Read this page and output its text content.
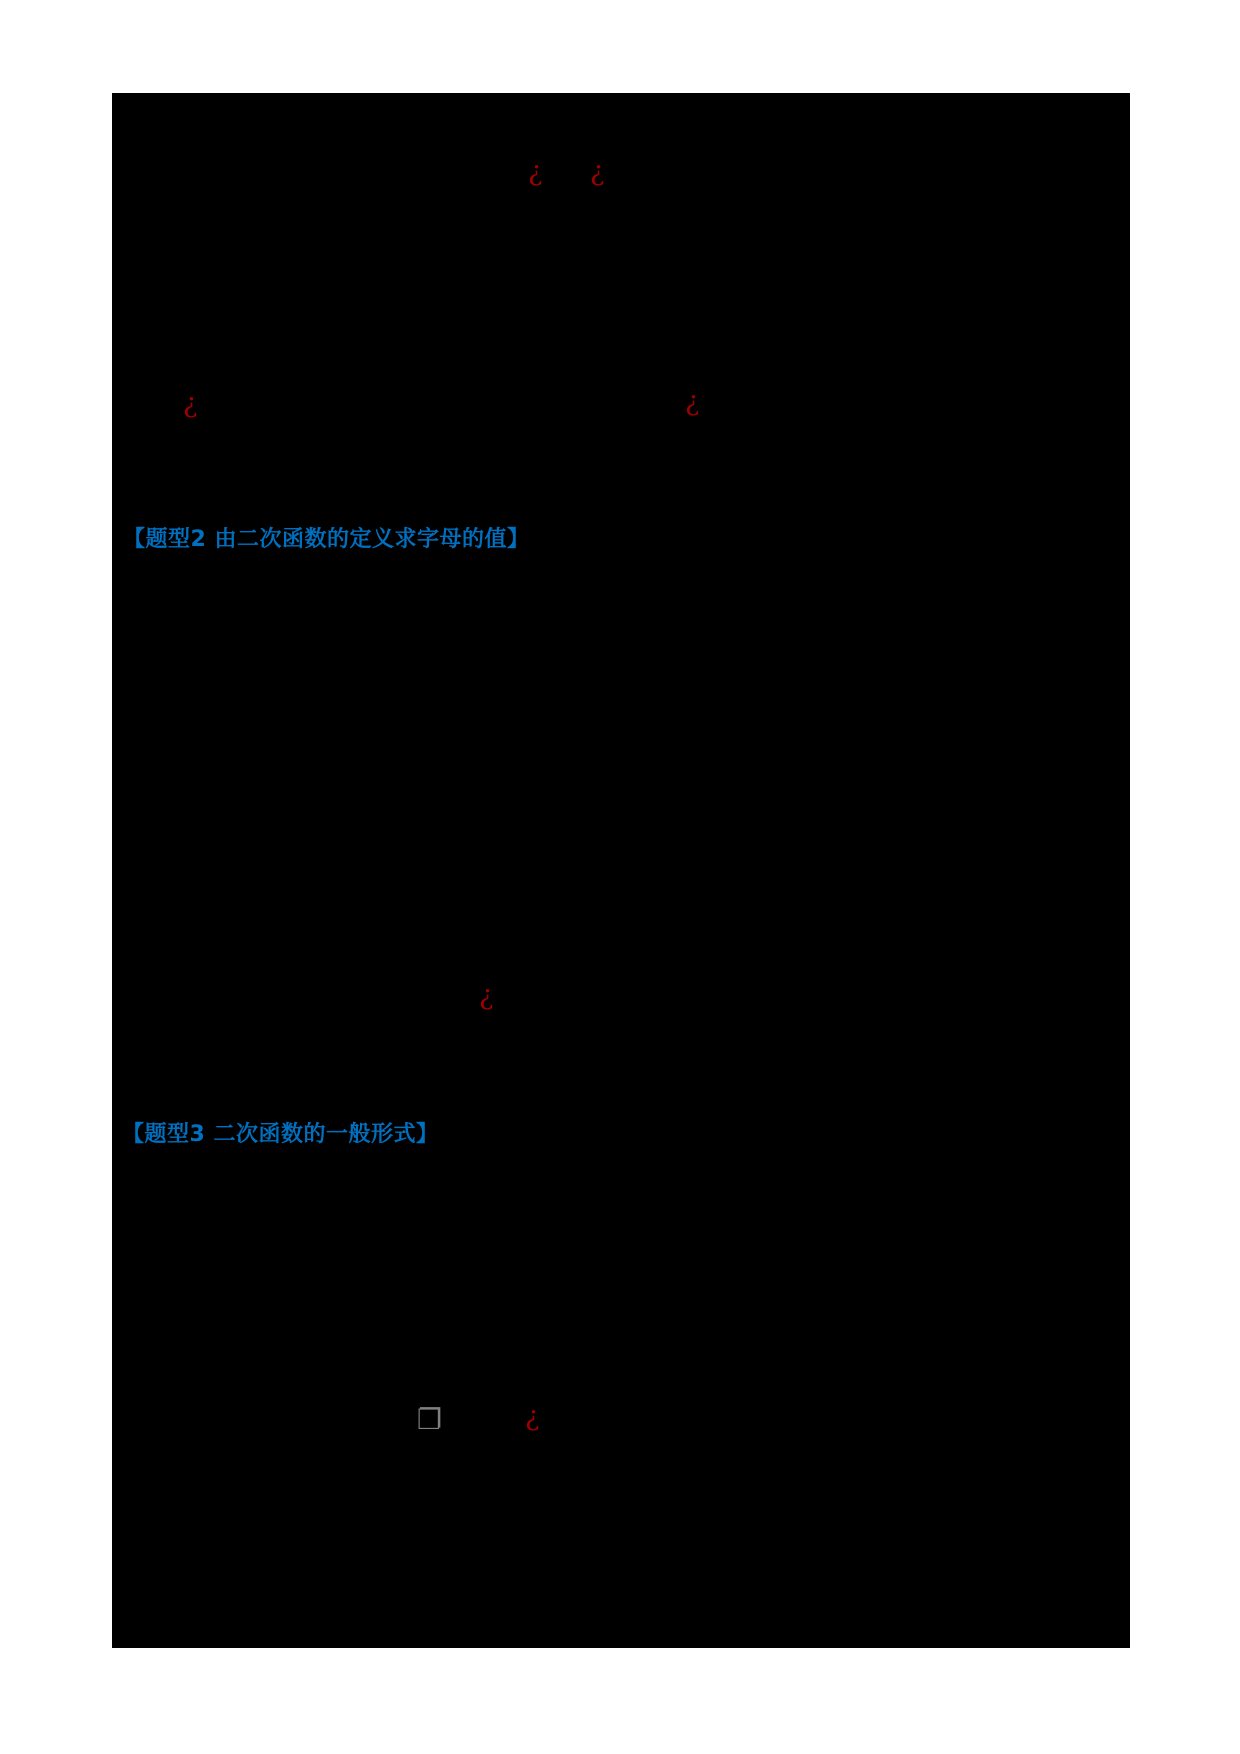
【题型2 由二次函数的定义求字母的值】
【题型3 二次函数的一般形式】
¿ ¿
¿	¿
¿
¿
❐
